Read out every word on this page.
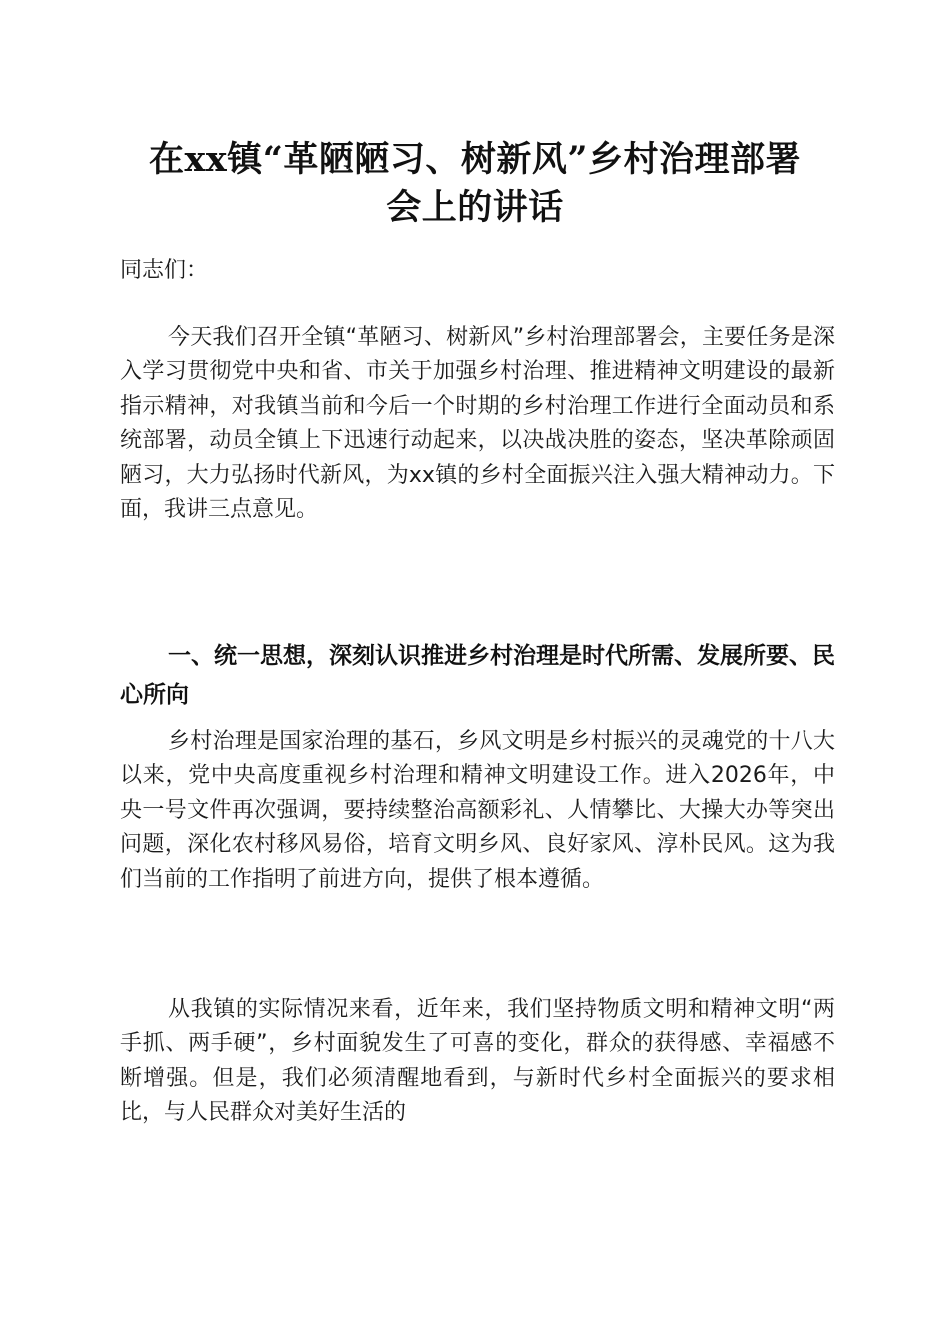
在xx镇“革陋陋习、树新风”乡村治理部署
会上的讲话

同志们：

今天我们召开全镇“革陋习、树新风”乡村治理部署会，主要任务是深入学习贯彻党中央和省、市关于加强乡村治理、推进精神文明建设的最新指示精神，对我镇当前和今后一个时期的乡村治理工作进行全面动员和系统部署，动员全镇上下迅速行动起来，以决战决胜的姿态，坚决革除顽固陋习，大力弘扬时代新风，为xx镇的乡村全面振兴注入强大精神动力。下面，我讲三点意见。

一、统一思想，深刻认识推进乡村治理是时代所需、发展所要、民心所向

乡村治理是国家治理的基石，乡风文明是乡村振兴的灵魂党的十八大以来，党中央高度重视乡村治理和精神文明建设工作。进入2026年，中央一号文件再次强调，要持续整治高额彩礼、人情攀比、大操大办等突出问题，深化农村移风易俗，培育文明乡风、良好家风、淳朴民风。这为我们当前的工作指明了前进方向，提供了根本遵循。

从我镇的实际情况来看，近年来，我们坚持物质文明和精神文明“两手抓、两手硬”，乡村面貌发生了可喜的变化，群众的获得感、幸福感不断增强。但是，我们必须清醒地看到，与新时代乡村全面振兴的要求相比，与人民群众对美好生活的
